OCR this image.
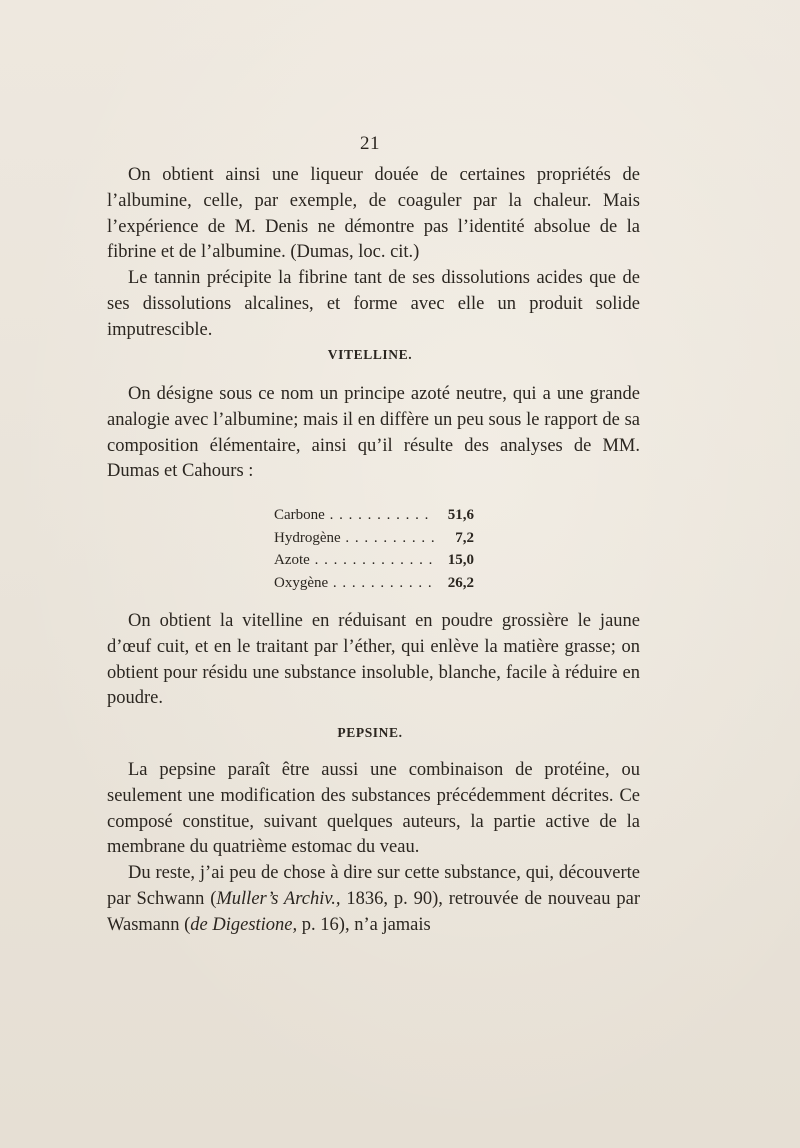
21

On obtient ainsi une liqueur douée de certaines propriétés de l’albumine, celle, par exemple, de coaguler par la chaleur. Mais l’expérience de M. Denis ne démontre pas l’identité absolue de la fibrine et de l’albumine. (Dumas, loc. cit.)

Le tannin précipite la fibrine tant de ses dissolutions acides que de ses dissolutions alcalines, et forme avec elle un produit solide imputrescible.

VITELLINE.

On désigne sous ce nom un principe azoté neutre, qui a une grande analogie avec l’albumine; mais il en diffère un peu sous le rapport de sa composition élémentaire, ainsi qu’il résulte des analyses de MM. Dumas et Cahours :

Carbone . . .	51,6
Hydrogène . . .	7,2
Azote . . .	15,0
Oxygène . . .	26,2

On obtient la vitelline en réduisant en poudre grossière le jaune d’œuf cuit, et en le traitant par l’éther, qui enlève la matière grasse; on obtient pour résidu une substance insoluble, blanche, facile à réduire en poudre.

PEPSINE.

La pepsine paraît être aussi une combinaison de protéine, ou seulement une modification des substances précédemment décrites. Ce composé constitue, suivant quelques auteurs, la partie active de la membrane du quatrième estomac du veau.

Du reste, j’ai peu de chose à dire sur cette substance, qui, découverte par Schwann (Muller’s Archiv., 1836, p. 90), retrouvée de nouveau par Wasmann (de Digestione, p. 16), n’a jamais
